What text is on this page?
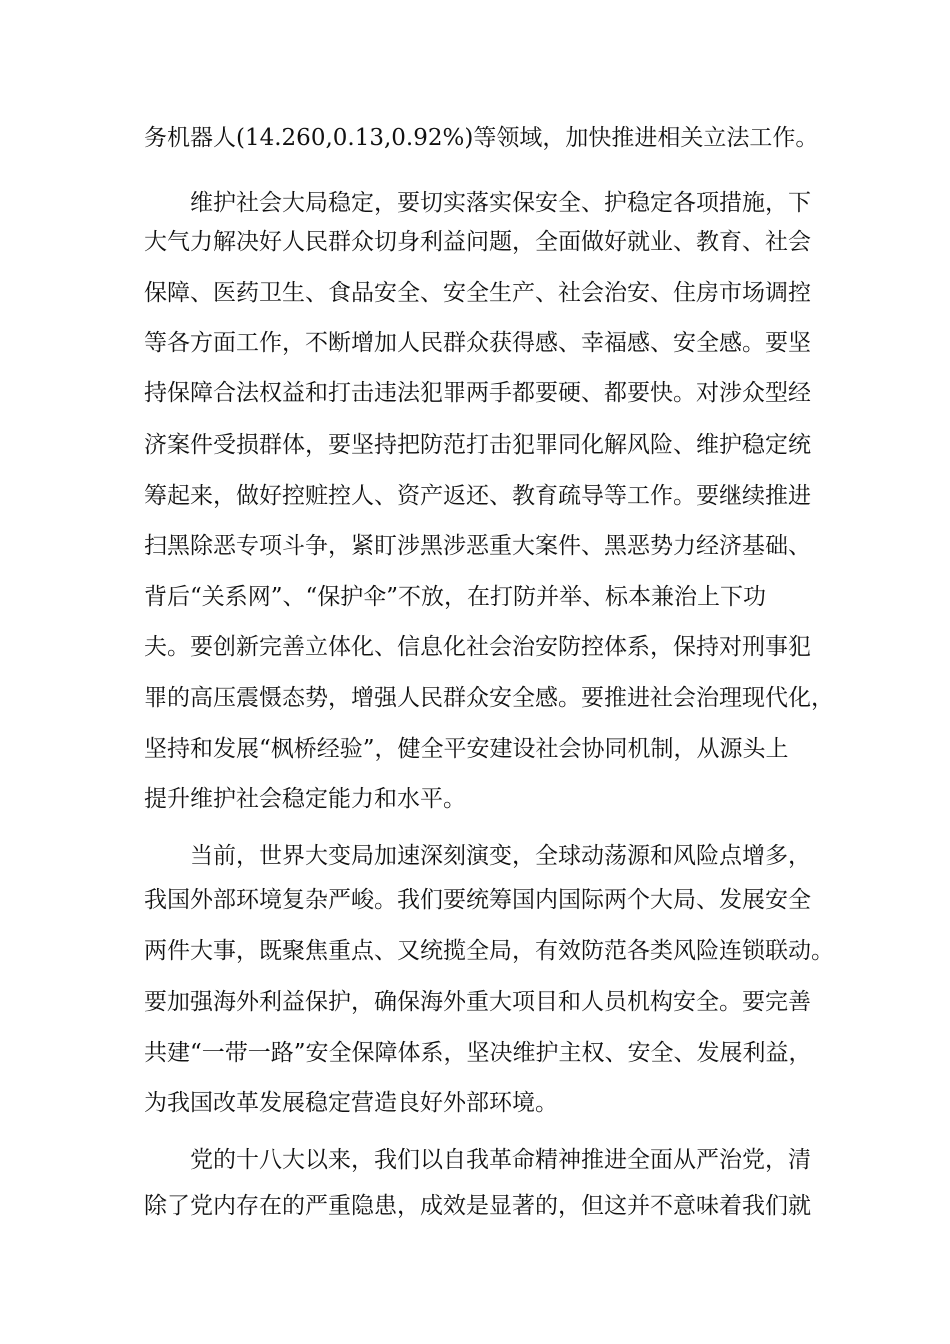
务机器人(14.260,0.13,0.92%)等领域，加快推进相关立法工作。
维护社会大局稳定，要切实落实保安全、护稳定各项措施，下
大气力解决好人民群众切身利益问题，全面做好就业、教育、社会
保障、医药卫生、食品安全、安全生产、社会治安、住房市场调控
等各方面工作，不断增加人民群众获得感、幸福感、安全感。要坚
持保障合法权益和打击违法犯罪两手都要硬、都要快。对涉众型经
济案件受损群体，要坚持把防范打击犯罪同化解风险、维护稳定统
筹起来，做好控赃控人、资产返还、教育疏导等工作。要继续推进
扫黑除恶专项斗争，紧盯涉黑涉恶重大案件、黑恶势力经济基础、
背后“关系网”、“保护伞”不放，在打防并举、标本兼治上下功
夫。要创新完善立体化、信息化社会治安防控体系，保持对刑事犯
罪的高压震慑态势，增强人民群众安全感。要推进社会治理现代化，
坚持和发展“枫桥经验”，健全平安建设社会协同机制，从源头上
提升维护社会稳定能力和水平。
当前，世界大变局加速深刻演变，全球动荡源和风险点增多，
我国外部环境复杂严峻。我们要统筹国内国际两个大局、发展安全
两件大事，既聚焦重点、又统揽全局，有效防范各类风险连锁联动。
要加强海外利益保护，确保海外重大项目和人员机构安全。要完善
共建“一带一路”安全保障体系，坚决维护主权、安全、发展利益，
为我国改革发展稳定营造良好外部环境。
党的十八大以来，我们以自我革命精神推进全面从严治党，清
除了党内存在的严重隐患，成效是显著的，但这并不意味着我们就
